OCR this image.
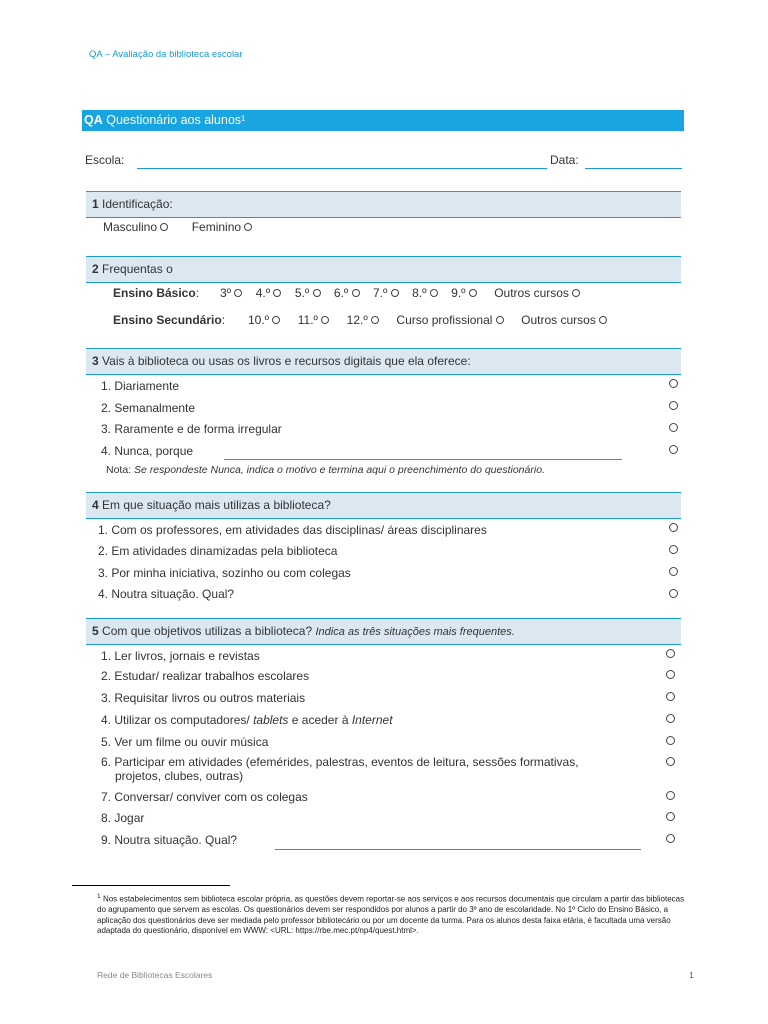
QA – Avaliação da biblioteca escolar
QA Questionário aos alunos¹
Escola:	Data:
1 Identificação:
Masculino	Feminino
2 Frequentas o
Ensino Básico: 3º 4.º 5.º 6.º 7.º 8.º 9.º Outros cursos
Ensino Secundário: 10.º 11.º 12.º Curso profissional Outros cursos
3 Vais à biblioteca ou usas os livros e recursos digitais que ela oferece:
1. Diariamente
2. Semanalmente
3. Raramente e de forma irregular
4. Nunca, porque
Nota: Se respondeste Nunca, indica o motivo e termina aqui o preenchimento do questionário.
4 Em que situação mais utilizas a biblioteca?
1. Com os professores, em atividades das disciplinas/ áreas disciplinares
2. Em atividades dinamizadas pela biblioteca
3. Por minha iniciativa, sozinho ou com colegas
4. Noutra situação. Qual?
5 Com que objetivos utilizas a biblioteca? Indica as três situações mais frequentes.
1. Ler livros, jornais e revistas
2. Estudar/ realizar trabalhos escolares
3. Requisitar livros ou outros materiais
4. Utilizar os computadores/ tablets e aceder à Internet
5. Ver um filme ou ouvir música
6. Participar em atividades (efemérides, palestras, eventos de leitura, sessões formativas,
projetos, clubes, outras)
7. Conversar/ conviver com os colegas
8. Jogar
9. Noutra situação. Qual?
$^1$ Nos estabelecimentos sem biblioteca escolar própria, as questões devem reportar-se aos serviços e aos recursos documentais que circulam a partir das bibliotecas do agrupamento que servem as escolas. Os questionários devem ser respondidos por alunos a partir do 3º ano de escolaridade. No 1º Ciclo do Ensino Básico, a aplicação dos questionários deve ser mediada pelo professor bibliotecário ou por um docente da turma. Para os alunos desta faixa etária, é facultada uma versão adaptada do questionário, disponível em WWW: <URL: https://rbe.mec.pt/np4/quest.html>.
Rede de Bibliotecas Escolares	1
